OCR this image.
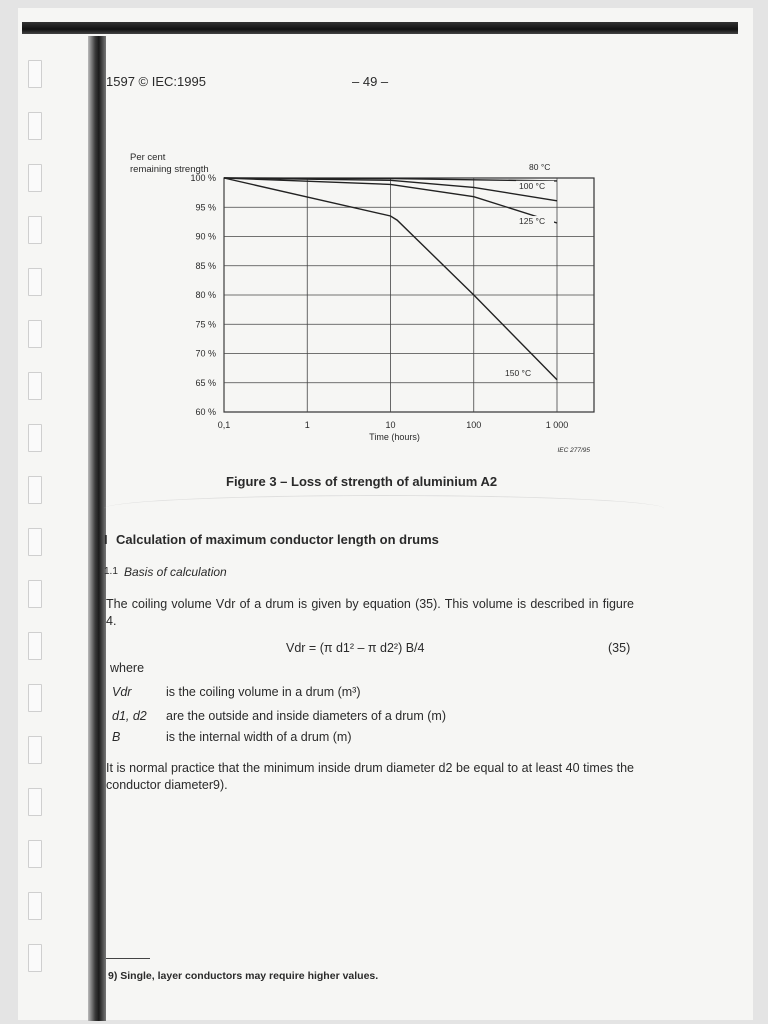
1597 © IEC:1995	– 49 –
60 %
65 %
70 %
75 %
80 %
85 %
90 %
95 %
100 %
0,1	1	10	100	1 000
Per cent
remaining strength
Time (hours)
IEC 277/95
80 °C
100 °C
125 °C
150 °C
Figure 3 – Loss of strength of aluminium A2
I Calculation of maximum conductor length on drums
1.1 Basis of calculation
The coiling volume Vdr of a drum is given by equation (35). This volume is described in figure 4.
Vdr = (π d1² – π d2²) B/4	(35)
where
Vdr	is the coiling volume in a drum (m³)
d1, d2 are the outside and inside diameters of a drum (m)
B	is the internal width of a drum (m)
It is normal practice that the minimum inside drum diameter d2 be equal to at least 40 times the conductor diameter9).
9) Single, layer conductors may require higher values.
